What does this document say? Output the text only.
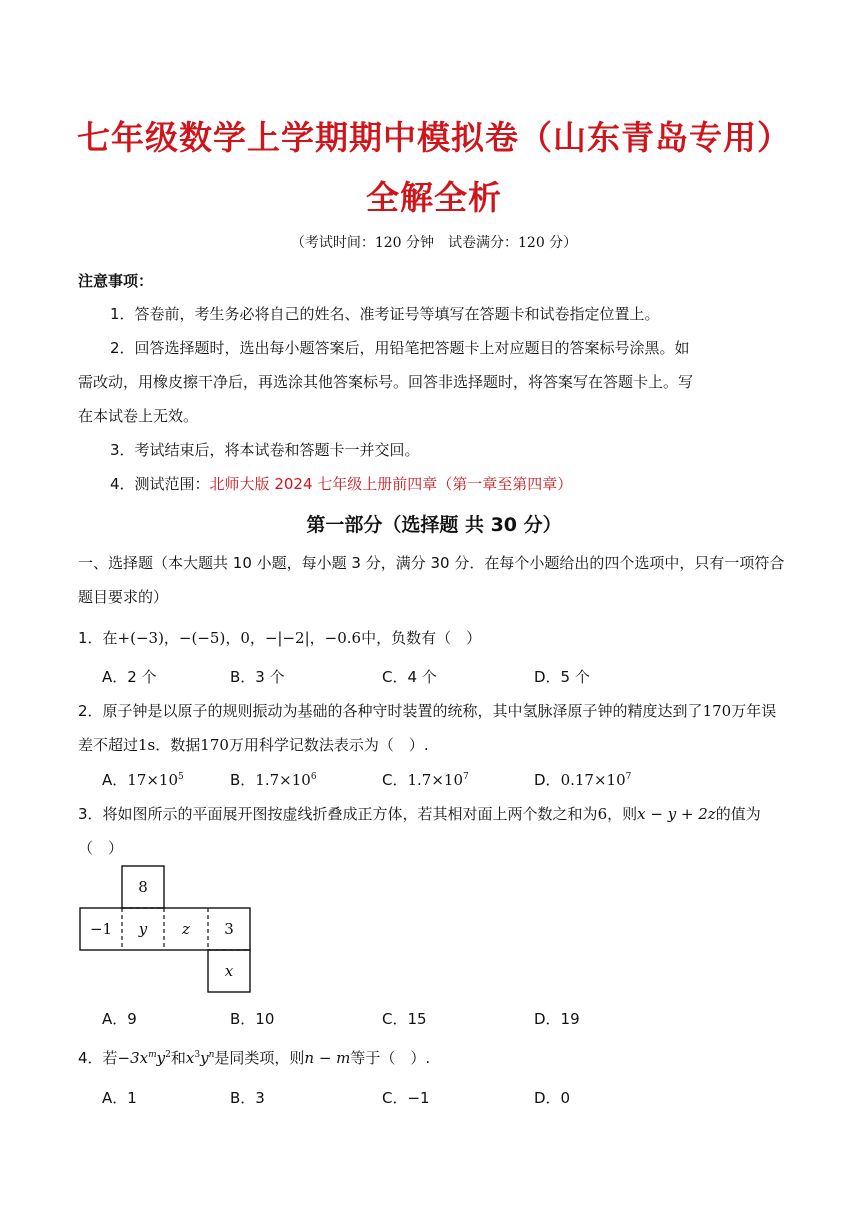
七年级数学上学期期中模拟卷（山东青岛专用）
全解全析
（考试时间：120 分钟　试卷满分：120 分）
注意事项：
1．答卷前，考生务必将自己的姓名、准考证号等填写在答题卡和试卷指定位置上。
2．回答选择题时，选出每小题答案后，用铅笔把答题卡上对应题目的答案标号涂黑。如
需改动，用橡皮擦干净后，再选涂其他答案标号。回答非选择题时，将答案写在答题卡上。写
在本试卷上无效。
3．考试结束后，将本试卷和答题卡一并交回。
4．测试范围：北师大版 2024 七年级上册前四章（第一章至第四章）
第一部分（选择题 共 30 分）
一、选择题（本大题共 10 小题，每小题 3 分，满分 30 分．在每个小题给出的四个选项中，只有一项符合
题目要求的）
1．在+(−3)，−(−5)，0，−|−2|，−0.6中，负数有（　）
A．2 个	B．3 个	C．4 个	D．5 个
2．原子钟是以原子的规则振动为基础的各种守时装置的统称，其中氢脉泽原子钟的精度达到了170万年误
差不超过1s．数据170万用科学记数法表示为（　）.
A．$17\times 10^5$	B．$1.7\times 10^6$	C．$1.7\times 10^7$	D．$0.17\times 10^7$
3．将如图所示的平面展开图按虚线折叠成正方体，若其相对面上两个数之和为6，则x − y + 2z的值为
（　）
8
−1 y z 3
x
A．9	B．10	C．15	D．19
4．若$-3x^my^2$和$x^3y^n$是同类项，则n − m等于（　）.
A．1	B．3	C．−1	D．0
